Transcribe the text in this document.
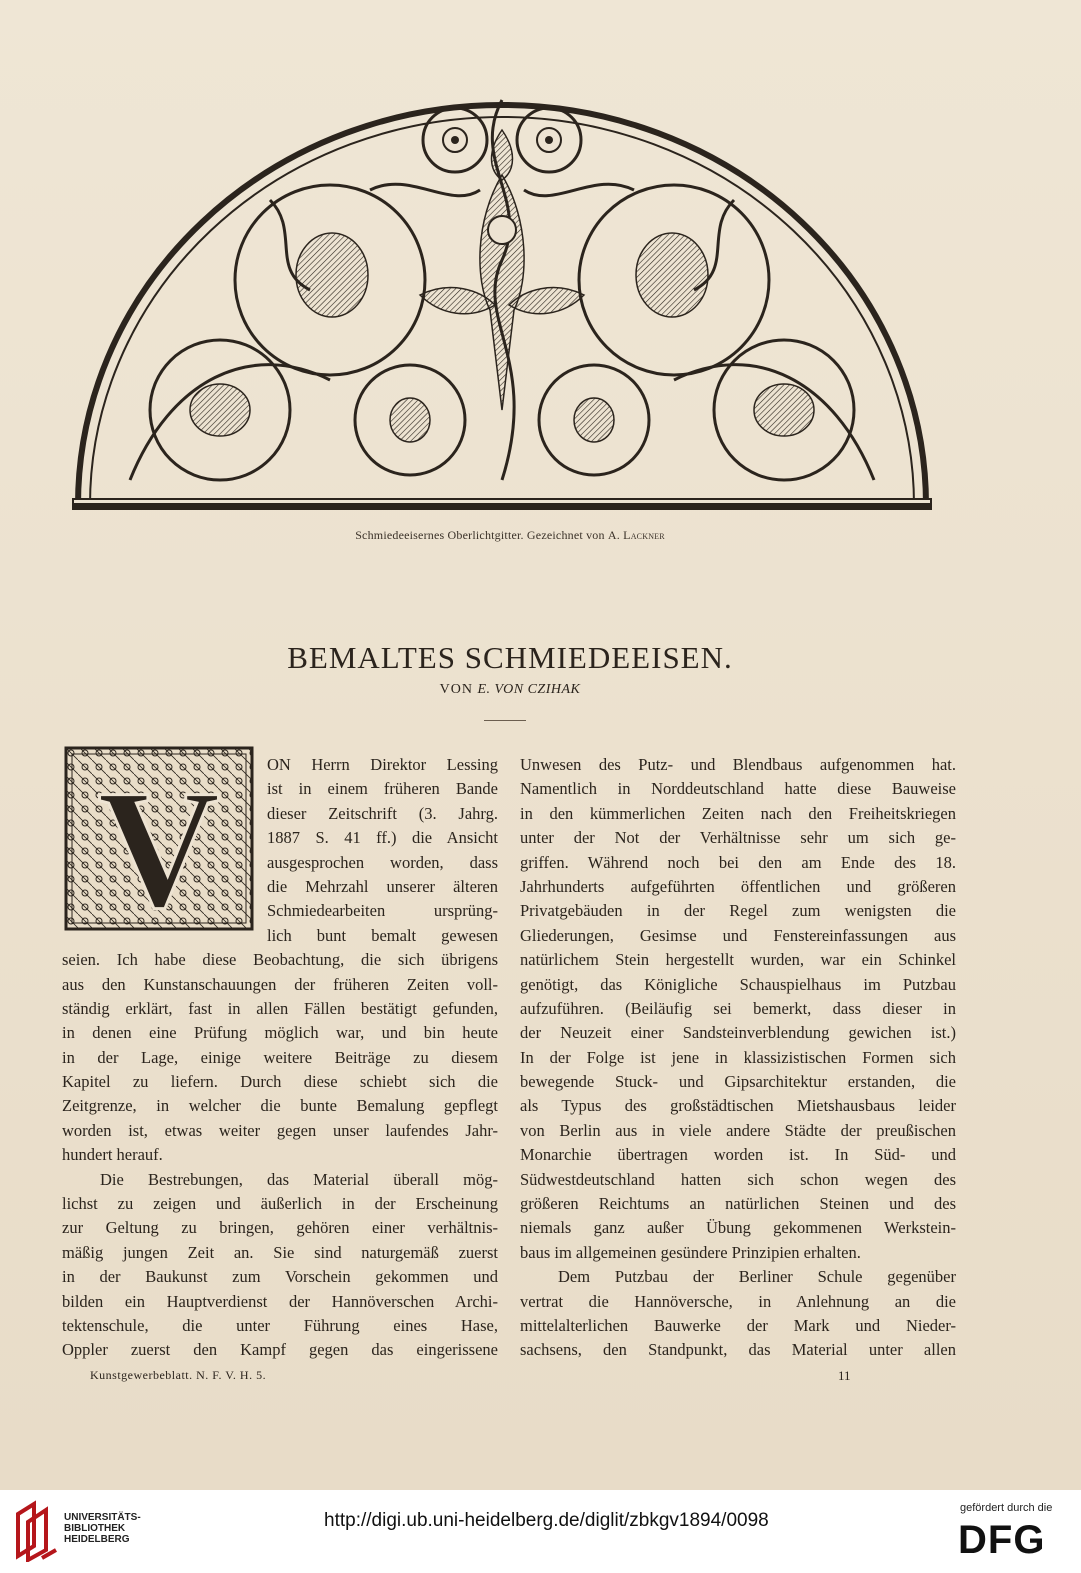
Schmiedeeisernes Oberlichtgitter. Gezeichnet von A. Lackner
BEMALTES SCHMIEDEEISEN.
VON E. VON CZIHAK
V	ON Herrn Direktor Lessing
ist in einem früheren Bande
dieser Zeitschrift (3. Jahrg.
1887 S. 41 ff.) die Ansicht
ausgesprochen worden, dass
die Mehrzahl unserer älteren
Schmiedearbeiten ursprüng-
lich bunt bemalt gewesen
seien. Ich habe diese Beobachtung, die sich übrigens
aus den Kunstanschauungen der früheren Zeiten voll-
ständig erklärt, fast in allen Fällen bestätigt gefunden,
in denen eine Prüfung möglich war, und bin heute
in der Lage, einige weitere Beiträge zu diesem
Kapitel zu liefern. Durch diese schiebt sich die
Zeitgrenze, in welcher die bunte Bemalung gepflegt
worden ist, etwas weiter gegen unser laufendes Jahr-
hundert herauf.
Die Bestrebungen, das Material überall mög-
lichst zu zeigen und äußerlich in der Erscheinung
zur Geltung zu bringen, gehören einer verhältnis-
mäßig jungen Zeit an. Sie sind naturgemäß zuerst
in der Baukunst zum Vorschein gekommen und
bilden ein Hauptverdienst der Hannöverschen Archi-
tektenschule, die unter Führung eines Hase,
Oppler zuerst den Kampf gegen das eingerissene
Unwesen des Putz- und Blendbaus aufgenommen hat.
Namentlich in Norddeutschland hatte diese Bauweise
in den kümmerlichen Zeiten nach den Freiheitskriegen
unter der Not der Verhältnisse sehr um sich ge-
griffen. Während noch bei den am Ende des 18.
Jahrhunderts aufgeführten öffentlichen und größeren
Privatgebäuden in der Regel zum wenigsten die
Gliederungen, Gesimse und Fenstereinfassungen aus
natürlichem Stein hergestellt wurden, war ein Schinkel
genötigt, das Königliche Schauspielhaus im Putzbau
aufzuführen. (Beiläufig sei bemerkt, dass dieser in
der Neuzeit einer Sandsteinverblendung gewichen ist.)
In der Folge ist jene in klassizistischen Formen sich
bewegende Stuck- und Gipsarchitektur erstanden, die
als Typus des großstädtischen Mietshausbaus leider
von Berlin aus in viele andere Städte der preußischen
Monarchie übertragen worden ist. In Süd- und
Südwestdeutschland hatten sich schon wegen des
größeren Reichtums an natürlichen Steinen und des
niemals ganz außer Übung gekommenen Werkstein-
baus im allgemeinen gesündere Prinzipien erhalten.
Dem Putzbau der Berliner Schule gegenüber
vertrat die Hannöversche, in Anlehnung an die
mittelalterlichen Bauwerke der Mark und Nieder-
sachsens, den Standpunkt, das Material unter allen
Kunstgewerbeblatt. N. F. V. H. 5.	11
UNIVERSITÄTS-
BIBLIOTHEK
HEIDELBERG
http://digi.ub.uni-heidelberg.de/diglit/zbkgv1894/0098
gefördert durch die
DFG
